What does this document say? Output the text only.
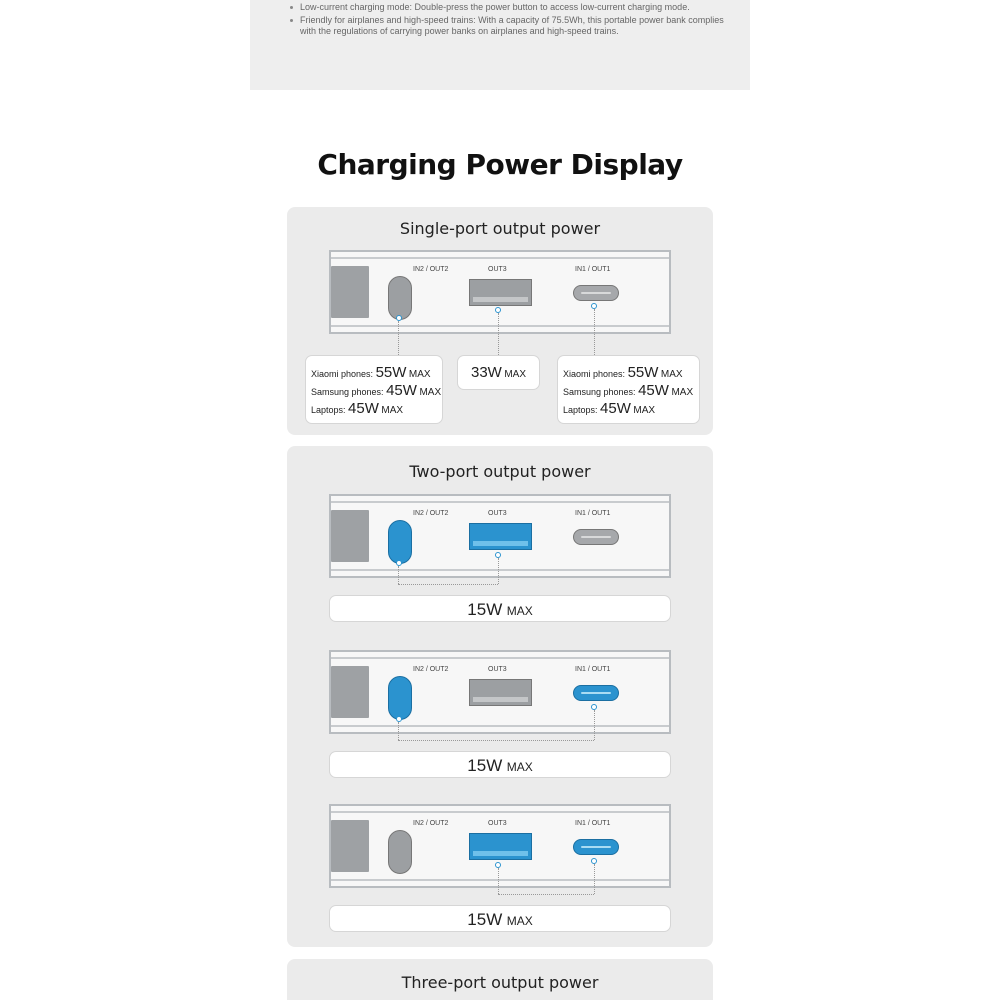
Low-current charging mode: Double-press the power button to access low-current charging mode.
Friendly for airplanes and high-speed trains: With a capacity of 75.5Wh, this portable power bank complies with the regulations of carrying power banks on airplanes and high-speed trains.
Charging Power Display
Single-port output power
IN2 / OUT2	OUT3	IN1 / OUT1
Xiaomi phones: 55W MAX
Samsung phones: 45W MAX
Laptops: 45W MAX
33W MAX	Xiaomi phones: 55W MAX
Samsung phones: 45W MAX
Laptops: 45W MAX
Two-port output power
IN2 / OUT2	OUT3	IN1 / OUT1
15W MAX
IN2 / OUT2	OUT3	IN1 / OUT1
15W MAX
IN2 / OUT2	OUT3	IN1 / OUT1
15W MAX
Three-port output power
